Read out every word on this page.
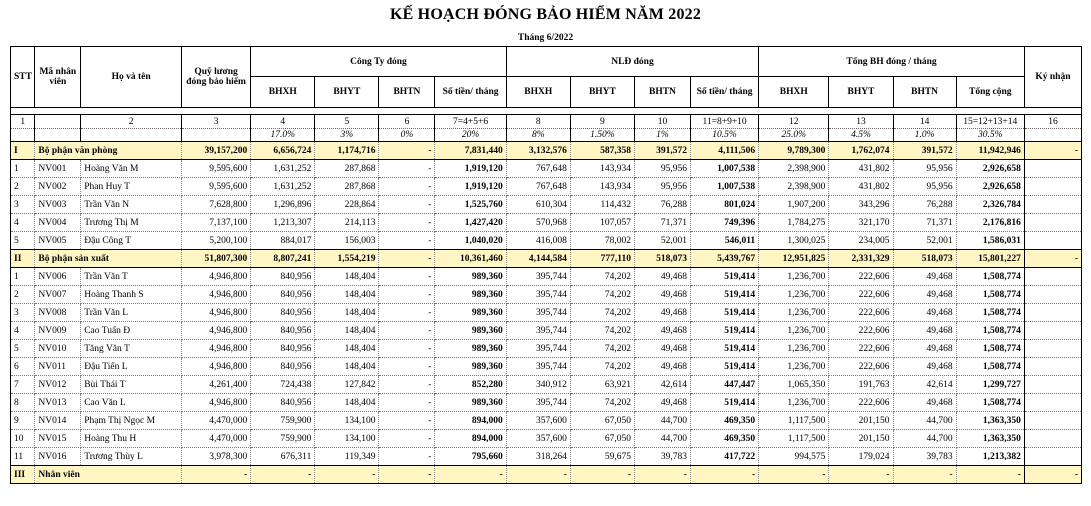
KẾ HOẠCH ĐÓNG BẢO HIỂM NĂM 2022
Tháng 6/2022
STT	Mã nhân viên	Họ và tên	Quỹ lương đóng bảo hiểm	Công Ty đóng				NLĐ đóng				Tổng BH đóng / tháng				Ký nhận
				BHXH	BHYT	BHTN	Số tiền/ tháng	BHXH	BHYT	BHTN	Số tiền/ tháng	BHXH	BHYT	BHTN	Tổng cộng	

1		2	3	4	5	6	7=4+5+6	8	9	10	11=8+9+10	12	13	14	15=12+13+14	16
				17.0%	3%	0%	20%	8%	1.50%	1%	10.5%	25.0%	4.5%	1.0%	30.5%	
I	Bộ phận văn phòng		39,157,200	6,656,724	1,174,716	-	7,831,440	3,132,576	587,358	391,572	4,111,506	9,789,300	1,762,074	391,572	11,942,946	-
1	NV001	Hoàng Văn M	9,595,600	1,631,252	287,868	-	1,919,120	767,648	143,934	95,956	1,007,538	2,398,900	431,802	95,956	2,926,658	
2	NV002	Phan Huy T	9,595,600	1,631,252	287,868	-	1,919,120	767,648	143,934	95,956	1,007,538	2,398,900	431,802	95,956	2,926,658	
3	NV003	Trần Văn N	7,628,800	1,296,896	228,864	-	1,525,760	610,304	114,432	76,288	801,024	1,907,200	343,296	76,288	2,326,784	
4	NV004	Trương Thị M	7,137,100	1,213,307	214,113	-	1,427,420	570,968	107,057	71,371	749,396	1,784,275	321,170	71,371	2,176,816	
5	NV005	Đậu Công T	5,200,100	884,017	156,003	-	1,040,020	416,008	78,002	52,001	546,011	1,300,025	234,005	52,001	1,586,031	
II	Bộ phận sản xuất		51,807,300	8,807,241	1,554,219	-	10,361,460	4,144,584	777,110	518,073	5,439,767	12,951,825	2,331,329	518,073	15,801,227	-
1	NV006	Trần Văn T	4,946,800	840,956	148,404	-	989,360	395,744	74,202	49,468	519,414	1,236,700	222,606	49,468	1,508,774	
2	NV007	Hoàng Thanh S	4,946,800	840,956	148,404	-	989,360	395,744	74,202	49,468	519,414	1,236,700	222,606	49,468	1,508,774	
3	NV008	Trần Văn L	4,946,800	840,956	148,404	-	989,360	395,744	74,202	49,468	519,414	1,236,700	222,606	49,468	1,508,774	
4	NV009	Cao Tuấn Đ	4,946,800	840,956	148,404	-	989,360	395,744	74,202	49,468	519,414	1,236,700	222,606	49,468	1,508,774	
5	NV010	Tăng Văn T	4,946,800	840,956	148,404	-	989,360	395,744	74,202	49,468	519,414	1,236,700	222,606	49,468	1,508,774	
6	NV011	Đậu Tiến L	4,946,800	840,956	148,404	-	989,360	395,744	74,202	49,468	519,414	1,236,700	222,606	49,468	1,508,774	
7	NV012	Bùi Thái T	4,261,400	724,438	127,842	-	852,280	340,912	63,921	42,614	447,447	1,065,350	191,763	42,614	1,299,727	
8	NV013	Cao Văn L	4,946,800	840,956	148,404	-	989,360	395,744	74,202	49,468	519,414	1,236,700	222,606	49,468	1,508,774	
9	NV014	Phạm Thị Ngọc M	4,470,000	759,900	134,100	-	894,000	357,600	67,050	44,700	469,350	1,117,500	201,150	44,700	1,363,350	
10	NV015	Hoàng Thu H	4,470,000	759,900	134,100	-	894,000	357,600	67,050	44,700	469,350	1,117,500	201,150	44,700	1,363,350	
11	NV016	Trương Thùy L	3,978,300	676,311	119,349	-	795,660	318,264	59,675	39,783	417,722	994,575	179,024	39,783	1,213,382	
III	Nhân viên		-	-	-	-	-	-	-	-	-	-	-	-	-	-
